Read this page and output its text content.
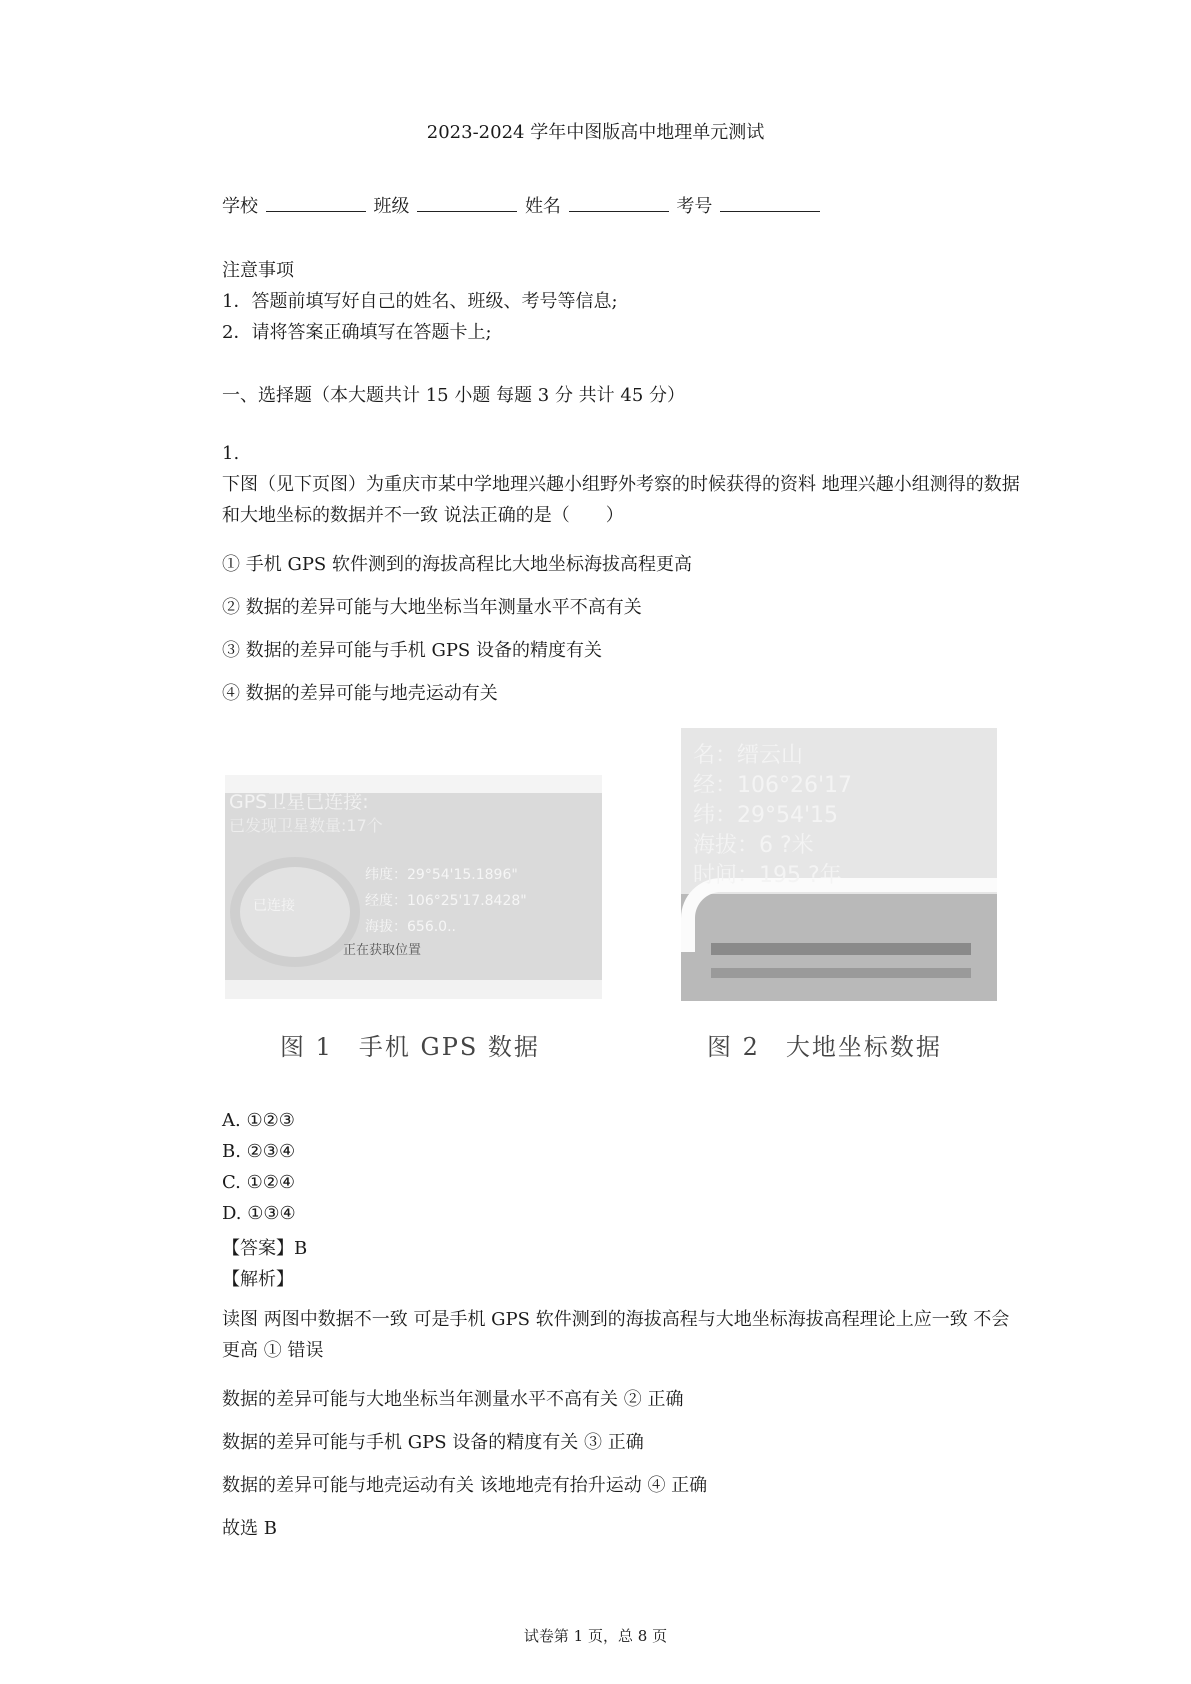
2023-2024 学年中图版高中地理单元测试
学校	班级	姓名	考号
注意事项
1．答题前填写好自己的姓名、班级、考号等信息;
2．请将答案正确填写在答题卡上;
一、选择题（本大题共计 15 小题 每题 3 分 共计 45 分）
1.
下图（见下页图）为重庆市某中学地理兴趣小组野外考察的时候获得的资料 地理兴趣小组测得的数据和大地坐标的数据并不一致 说法正确的是（　　）
① 手机 GPS 软件测到的海拔高程比大地坐标海拔高程更高
② 数据的差异可能与大地坐标当年测量水平不高有关
③ 数据的差异可能与手机 GPS 设备的精度有关
④ 数据的差异可能与地壳运动有关
GPS卫星已连接:
已发现卫星数量:17个
纬度：29°54'15.1896"
经度：106°25'17.8428"
海拔：656.0..
正在获取位置
已连接
图 1　手机 GPS 数据
名：缙云山
经：106°26'17
纬：29°54'15
海拔：6 ?米
时间：195 ?年
图 2　大地坐标数据
A. ①②③
B. ②③④
C. ①②④
D. ①③④
【答案】B
【解析】
读图 两图中数据不一致 可是手机 GPS 软件测到的海拔高程与大地坐标海拔高程理论上应一致 不会更高 ① 错误
数据的差异可能与大地坐标当年测量水平不高有关 ② 正确
数据的差异可能与手机 GPS 设备的精度有关 ③ 正确
数据的差异可能与地壳运动有关 该地地壳有抬升运动 ④ 正确
故选 B
试卷第 1 页，总 8 页
